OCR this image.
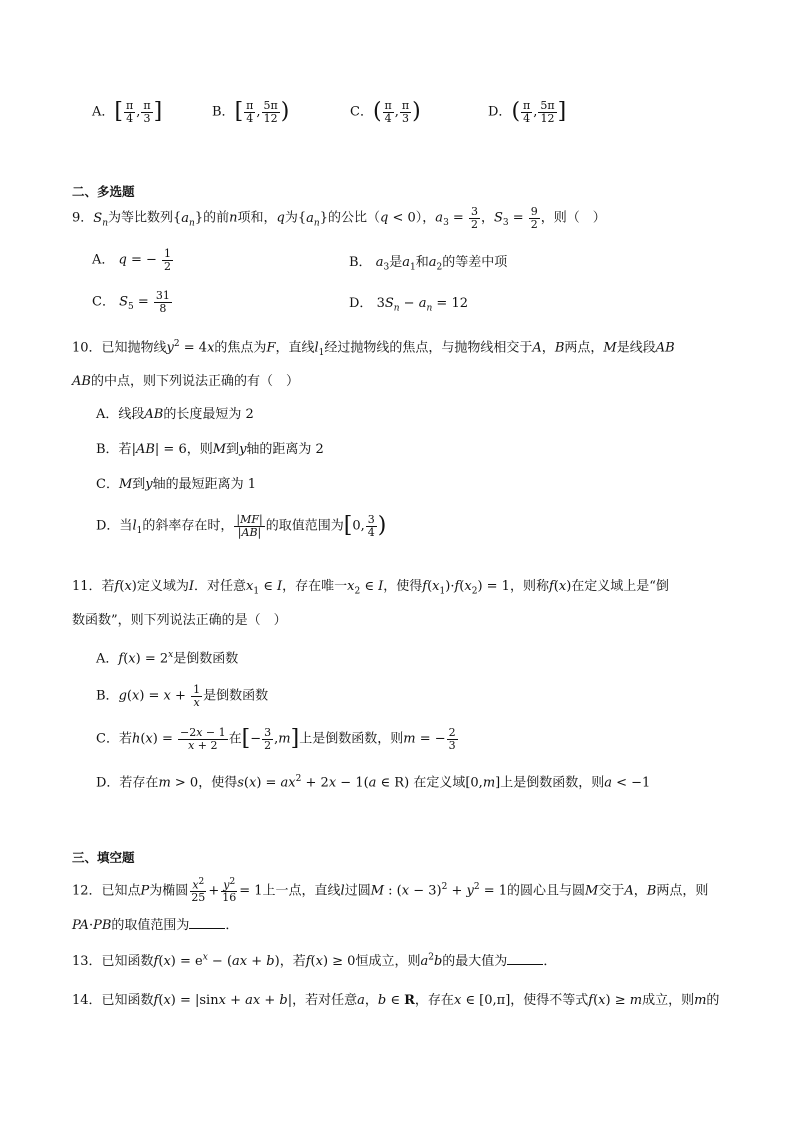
A．[ $\frac{\pi}{4}$ , $\frac{\pi}{3}$ ]	B．[ $\frac{\pi}{4}$ , $\frac{5\pi}{12}$ )	C．( $\frac{\pi}{4}$ , $\frac{\pi}{3}$ )	D．( $\frac{\pi}{4}$ , $\frac{5\pi}{12}$ ]
二、多选题
9．$S_n$为等比数列$\{a_n\}$的前n项和，q为$\{a_n\}$的公比（q < 0），$a_3 = \frac{3}{2}$ ，$S_3 = \frac{9}{2}$ ，则（　）
A． q = − $\frac{1}{2}$	B． $a_3$是$a_1$和$a_2$的等差中项
C． $S_5 = \frac{31}{8}$	D． $3S_n - a_n = 12$
10．已知抛物线$y^2 = 4x$的焦点为F，直线$l_1$经过抛物线的焦点，与抛物线相交于A，B两点，M是线段AB
AB的中点，则下列说法正确的有（　）
A．线段AB的长度最短为 2
B．若|AB| = 6，则M到y轴的距离为 2
C．M到y轴的最短距离为 1
D．当$l_1$的斜率存在时， $\frac{|MF|}{|AB|}$ 的取值范围为[0, $\frac{3}{4}$ )
11．若f(x)定义域为I．对任意$x_1$ ∈ I，存在唯一$x_2$ ∈ I，使得$f(x_1)\cdot f(x_2) = 1$，则称f(x)在定义域上是“倒
数函数”，则下列说法正确的是（　）
A．$f(x) = 2^x$是倒数函数
B．$g(x) = x + \frac{1}{x}$ 是倒数函数
C．若$h(x) = \frac{-2x - 1}{x + 2}$ 在[− $\frac{3}{2} ,m$]上是倒数函数，则m = − $\frac{2}{3}$
D．若存在m > 0，使得$s(x) = ax^2 + 2x - 1(a$ ∈ R) 在定义域[0,m]上是倒数函数，则a < −1
三、填空题
12．已知点P为椭圆 $\frac{x^2}{25} + \frac{y^2}{16} = 1$上一点，直线l过圆M : $(x - 3)^2 + y^2 = 1$的圆心且与圆M交于A，B两点，则
PA·PB的取值范围为	．
13．已知函数$f(x) = e^x - (ax + b)$，若f(x) ≥ 0恒成立，则$a^2b$的最大值为	．
14．已知函数f(x) = |sinx + ax + b|，若对任意a，b ∈ R，存在x ∈ [0,π]，使得不等式f(x) ≥ m成立，则m的
